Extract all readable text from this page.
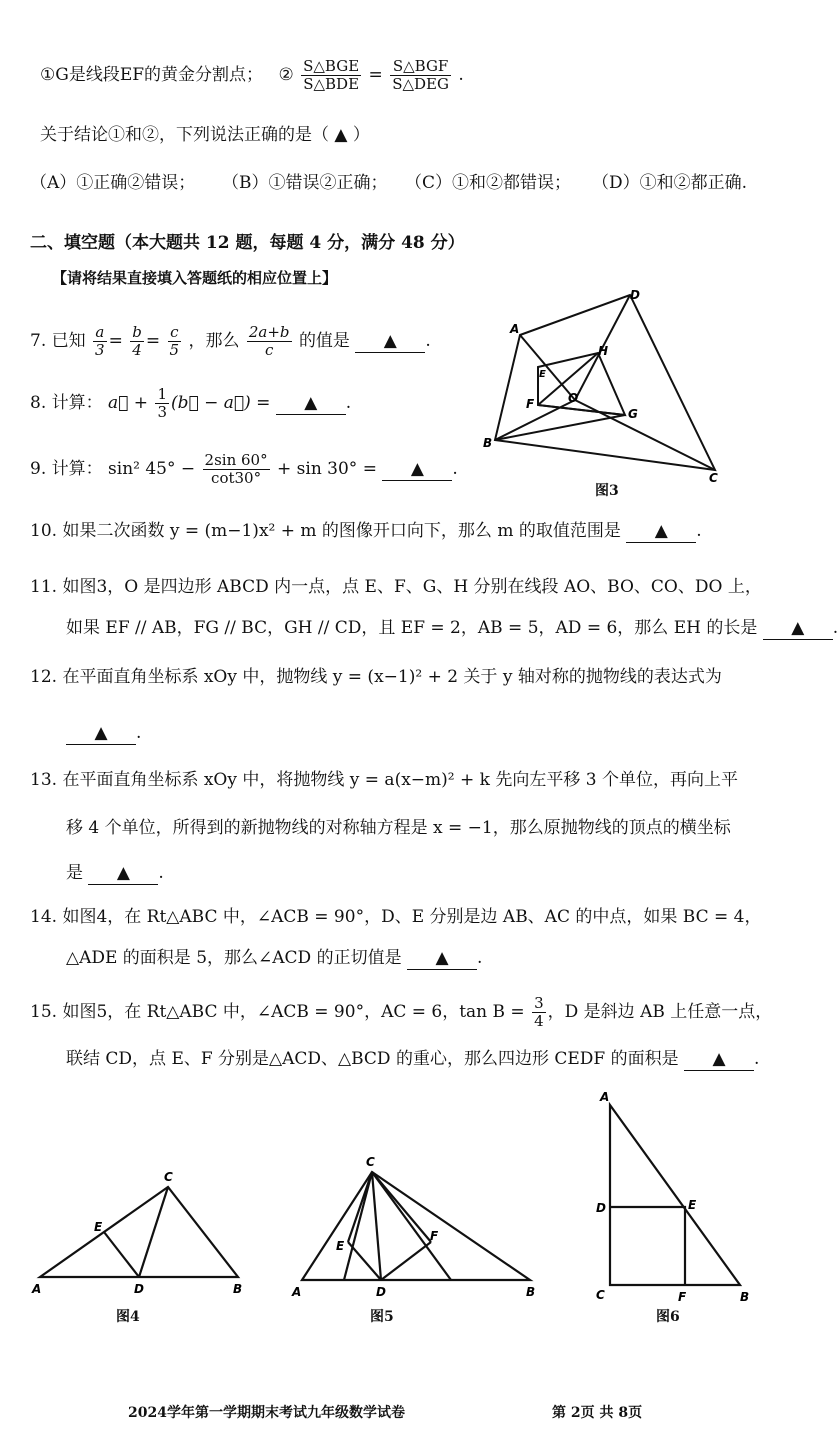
①G是线段EF的黄金分割点； ② $\frac{\text{S△BGE}}{\text{S△BDE}} = \frac{\text{S△BGF}}{\text{S△DEG}}$ .
关于结论①和②，下列说法正确的是（ ▲ ）
（A）①正确②错误； （B）①错误②正确； （C）①和②都错误； （D）①和②都正确.
二、填空题（本大题共 12 题，每题 4 分，满分 48 分）
【请将结果直接填入答题纸的相应位置上】
7. 已知 $\frac{a}{3} = \frac{b}{4} = \frac{c}{5}$ ，那么 $\frac{2a+b}{c}$ 的值是 ▲ .
8. 计算： a⃗ + $\frac{1}{3}$ (b⃗ − a⃗) = ▲ .
9. 计算： sin² $45^\circ - \frac{2\sin 60^\circ}{\cot 30^\circ} + \sin 30^\circ$ = ▲ .
A
D
B
C
E
F
G
H
O
图3
10. 如果二次函数 y = (m−1)x² + m 的图像开口向下，那么 m 的取值范围是 ▲ .
11. 如图3，O 是四边形 ABCD 内一点，点 E、F、G、H 分别在线段 AO、BO、CO、DO 上，
如果 EF // AB，FG // BC，GH // CD，且 EF = 2，AB = 5，AD = 6，那么 EH 的长是 ▲ .
12. 在平面直角坐标系 xOy 中，抛物线 y = (x−1)² + 2 关于 y 轴对称的抛物线的表达式为
▲ .
13. 在平面直角坐标系 xOy 中，将抛物线 y = a(x−m)² + k 先向左平移 3 个单位，再向上平
移 4 个单位，所得到的新抛物线的对称轴方程是 x = −1，那么原抛物线的顶点的横坐标
是 ▲ .
14. 如图4，在 Rt△ABC 中，∠ACB = 90°，D、E 分别是边 AB、AC 的中点，如果 BC = 4，
△ADE 的面积是 5，那么∠ACD 的正切值是 ▲ .
15. 如图5，在 Rt△ABC 中，∠ACB = 90°，AC = 6，$\tan B = \frac{3}{4}$ ，D 是斜边 AB 上任意一点，
联结 CD，点 E、F 分别是△ACD、△BCD 的重心，那么四边形 CEDF 的面积是 ▲ .
A
C
B
D
E
图4
A
C
B
D
E
F
图5
A
D	E
C	F	B
图6
2024学年第一学期期末考试九年级数学试卷	第 2页 共 8页
